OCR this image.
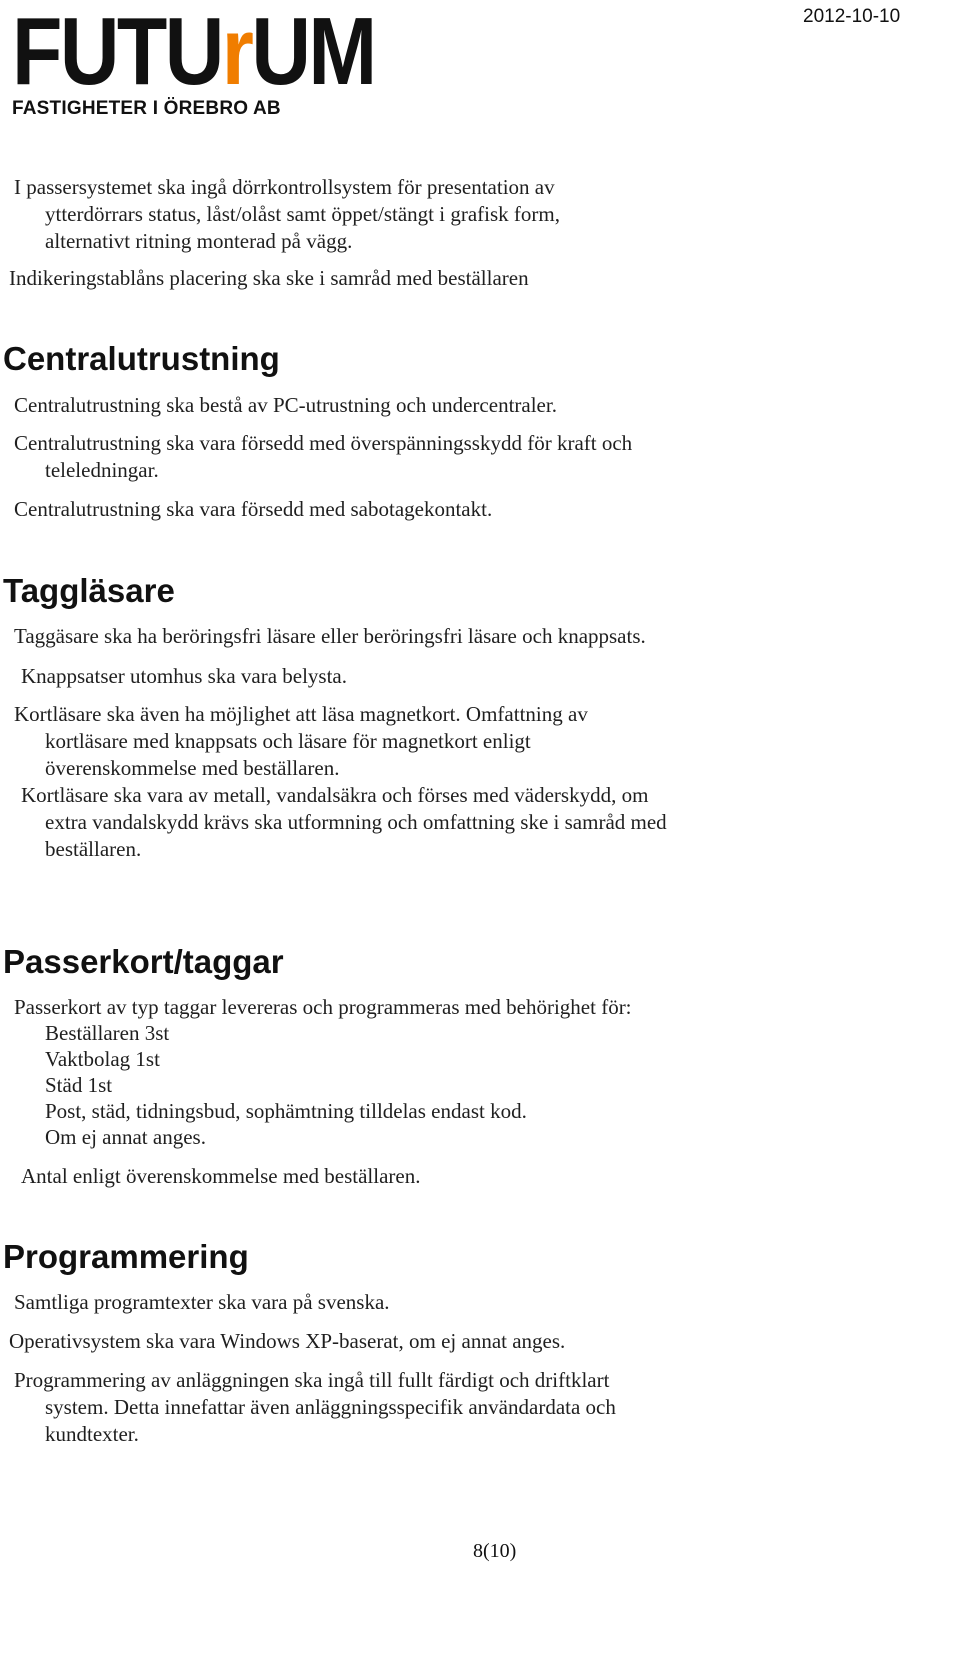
FUTUrUM
FASTIGHETER I ÖREBRO AB
2012-10-10
I passersystemet ska ingå dörrkontrollsystem för presentation av
ytterdörrars status, låst/olåst samt öppet/stängt i grafisk form,
alternativt ritning monterad på vägg.
Indikeringstablåns placering ska ske i samråd med beställaren
Centralutrustning
Centralutrustning ska bestå av PC-utrustning och undercentraler.
Centralutrustning ska vara försedd med överspänningsskydd för kraft och
teleledningar.
Centralutrustning ska vara försedd med sabotagekontakt.
Taggläsare
Taggäsare ska ha beröringsfri läsare eller beröringsfri läsare och knappsats.
Knappsatser utomhus ska vara belysta.
Kortläsare ska även ha möjlighet att läsa magnetkort. Omfattning av
kortläsare med knappsats och läsare för magnetkort enligt
överenskommelse med beställaren.
Kortläsare ska vara av metall, vandalsäkra och förses med väderskydd, om
extra vandalskydd krävs ska utformning och omfattning ske i samråd med
beställaren.
Passerkort/taggar
Passerkort av typ taggar levereras och programmeras med behörighet för:
Beställaren 3st
Vaktbolag 1st
Städ 1st
Post, städ, tidningsbud, sophämtning tilldelas endast kod.
Om ej annat anges.
Antal enligt överenskommelse med beställaren.
Programmering
Samtliga programtexter ska vara på svenska.
Operativsystem ska vara Windows XP-baserat, om ej annat anges.
Programmering av anläggningen ska ingå till fullt färdigt och driftklart
system. Detta innefattar även anläggningsspecifik användardata och
kundtexter.
8(10)
